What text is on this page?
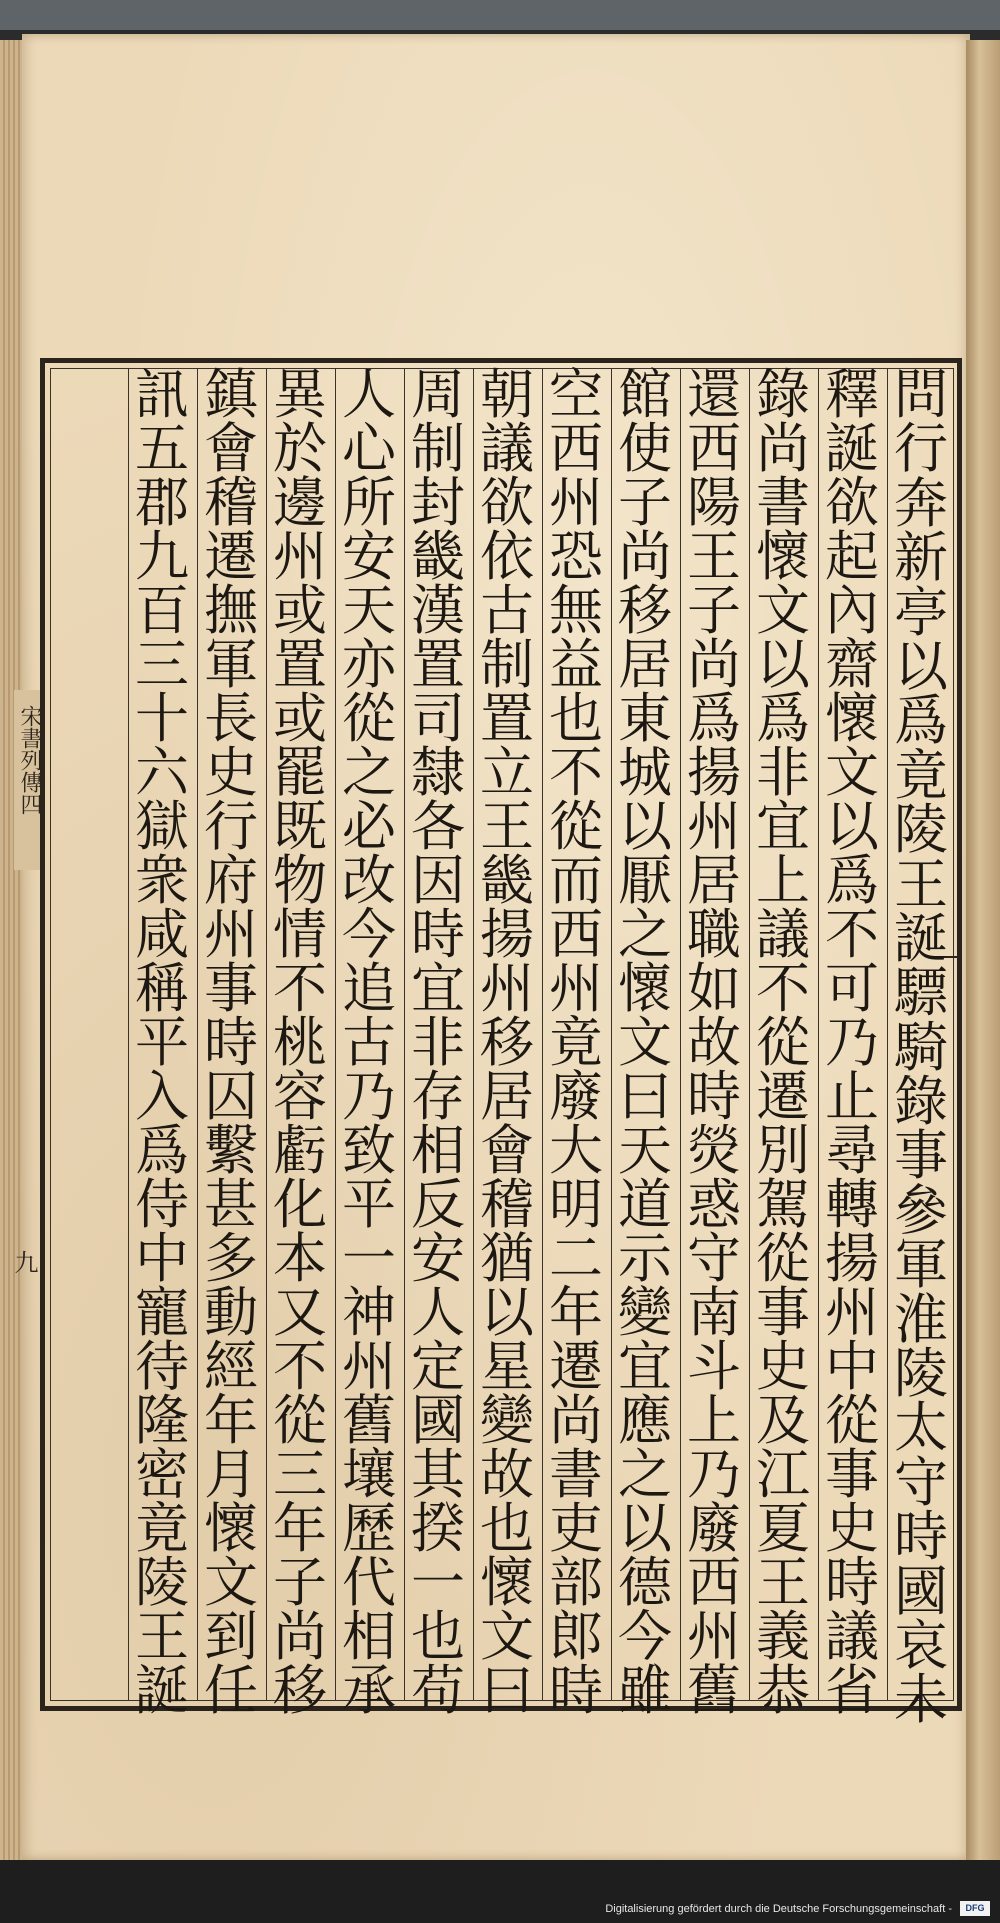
宋書列傳四
九
問
行
奔
新
亭
以
爲
竟
陵
王
誕
驃
騎
錄
事
參
軍
淮
陵
太
守
時
國
哀
未
釋
誕
欲
起
內
齋
懷
文
以
爲
不
可
乃
止
尋
轉
揚
州
中
從
事
史
時
議
省
錄
尚
書
懷
文
以
爲
非
宜
上
議
不
從
遷
別
駕
從
事
史
及
江
夏
王
義
恭
還
西
陽
王
子
尚
爲
揚
州
居
職
如
故
時
熒
惑
守
南
斗
上
乃
廢
西
州
舊
館
使
子
尚
移
居
東
城
以
厭
之
懷
文
曰
天
道
示
變
宜
應
之
以
德
今
雖
空
西
州
恐
無
益
也
不
從
而
西
州
竟
廢
大
明
二
年
遷
尚
書
吏
部
郎
時
朝
議
欲
依
古
制
置
立
王
畿
揚
州
移
居
會
稽
猶
以
星
變
故
也
懷
文
曰
周
制
封
畿
漢
置
司
隸
各
因
時
宜
非
存
相
反
安
人
定
國
其
揆
一
也
苟
人
心
所
安
天
亦
從
之
必
改
今
追
古
乃
致
平
一
神
州
舊
壤
歷
代
相
承
異
於
邊
州
或
置
或
罷
既
物
情
不
桃
容
虧
化
本
又
不
從
三
年
子
尚
移
鎮
會
稽
遷
撫
軍
長
史
行
府
州
事
時
囚
繫
甚
多
動
經
年
月
懷
文
到
任
訊
五
郡
九
百
三
十
六
獄
衆
咸
稱
平
入
爲
侍
中
寵
待
隆
密
竟
陵
王
誕
Digitalisierung gefördert durch die Deutsche Forschungsgemeinschaft -	DFG
